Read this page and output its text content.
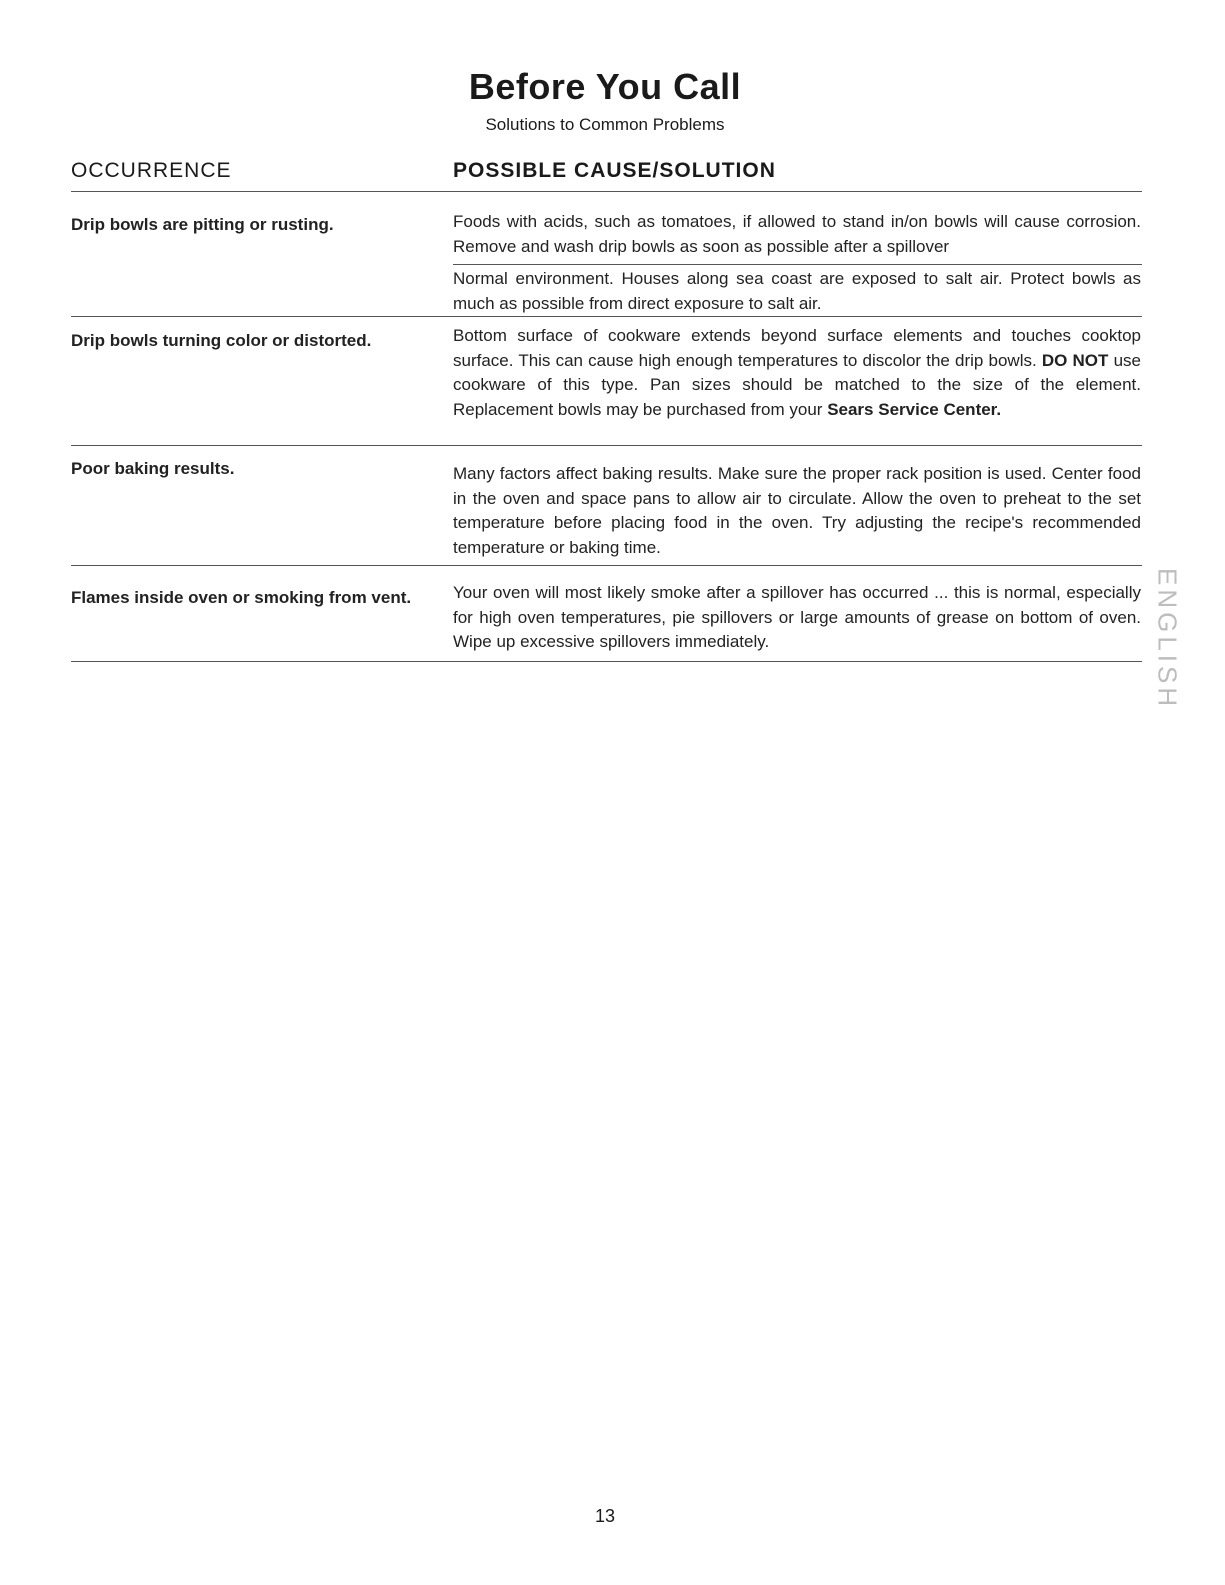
Before You Call
Solutions to Common Problems
OCCURRENCE	POSSIBLE CAUSE/SOLUTION
Drip bowls are pitting or rusting.	Foods with acids, such as tomatoes, if allowed to stand in/on bowls will cause corrosion. Remove and wash drip bowls as soon as possible after a spillover
Normal environment. Houses along sea coast are exposed to salt air. Protect bowls as much as possible from direct exposure to salt air.
Drip bowls turning color or distorted.	Bottom surface of cookware extends beyond surface elements and touches cooktop surface. This can cause high enough temperatures to discolor the drip bowls. DO NOT use cookware of this type. Pan sizes should be matched to the size of the element. Replacement bowls may be purchased from your Sears Service Center.
Poor baking results.	Many factors affect baking results. Make sure the proper rack position is used. Center food in the oven and space pans to allow air to circulate. Allow the oven to preheat to the set temperature before placing food in the oven. Try adjusting the recipe's recommended temperature or baking time.
Flames inside oven or smoking from vent.	Your oven will most likely smoke after a spillover has occurred ... this is normal, especially for high oven temperatures, pie spillovers or large amounts of grease on bottom of oven. Wipe up excessive spillovers immediately.	ENGLISH
13
